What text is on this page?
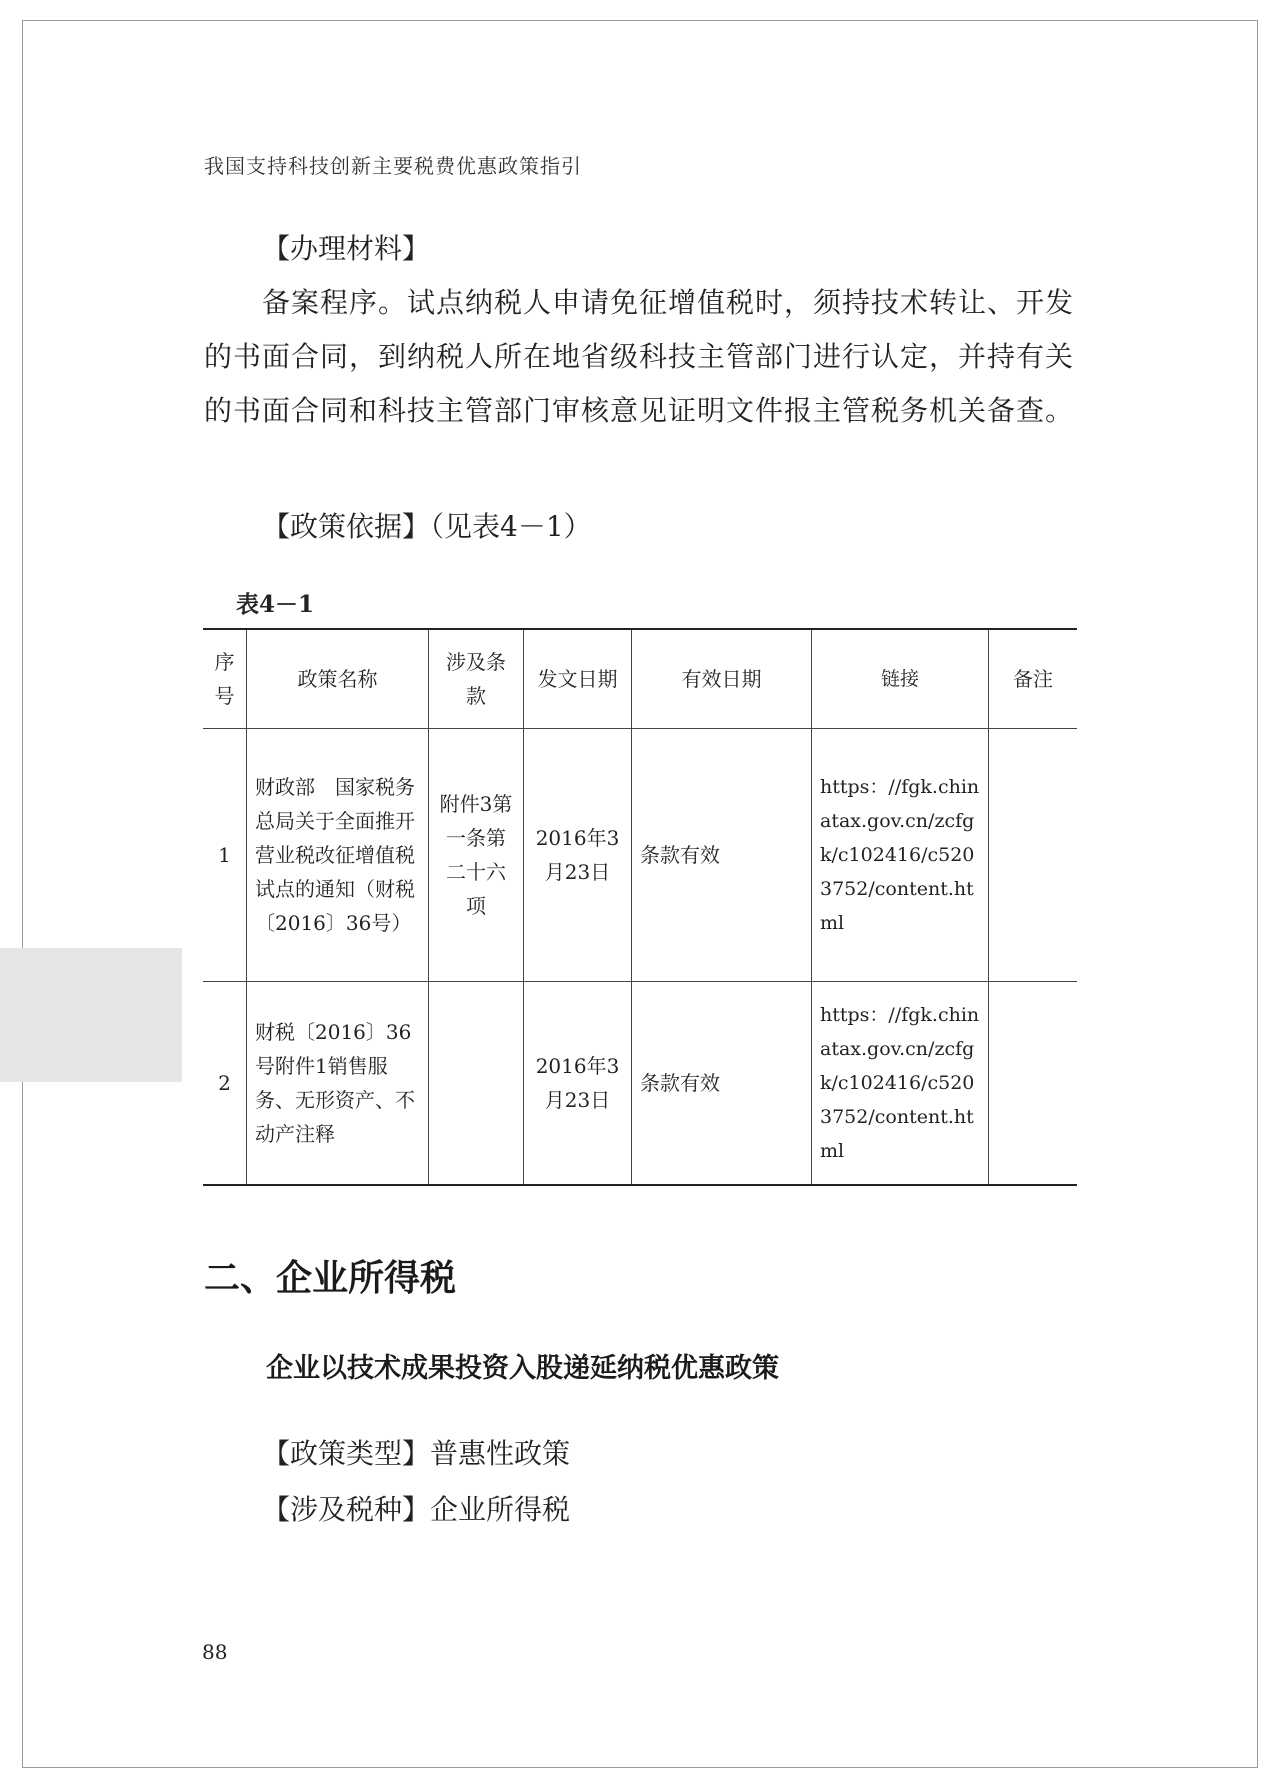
我国支持科技创新主要税费优惠政策指引
【办理材料】
备案程序。试点纳税人申请免征增值税时，须持技术转让、开发的书面合同，到纳税人所在地省级科技主管部门进行认定，并持有关的书面合同和科技主管部门审核意见证明文件报主管税务机关备查。
【政策依据】（见表4－1）
表4－1
序号	政策名称	涉及条款	发文日期	有效日期	链接	备注
1	财政部　国家税务总局关于全面推开营业税改征增值税试点的通知（财税〔2016〕36号）	附件3第一条第二十六项	2016年3月23日	条款有效	https：//fgk.chinatax.gov.cn/zcfgk/c102416/c5203752/content.html	
2	财税〔2016〕36号附件1销售服务、无形资产、不动产注释		2016年3月23日	条款有效	https：//fgk.chinatax.gov.cn/zcfgk/c102416/c5203752/content.html	
二、企业所得税
企业以技术成果投资入股递延纳税优惠政策
【政策类型】普惠性政策
【涉及税种】企业所得税
88
